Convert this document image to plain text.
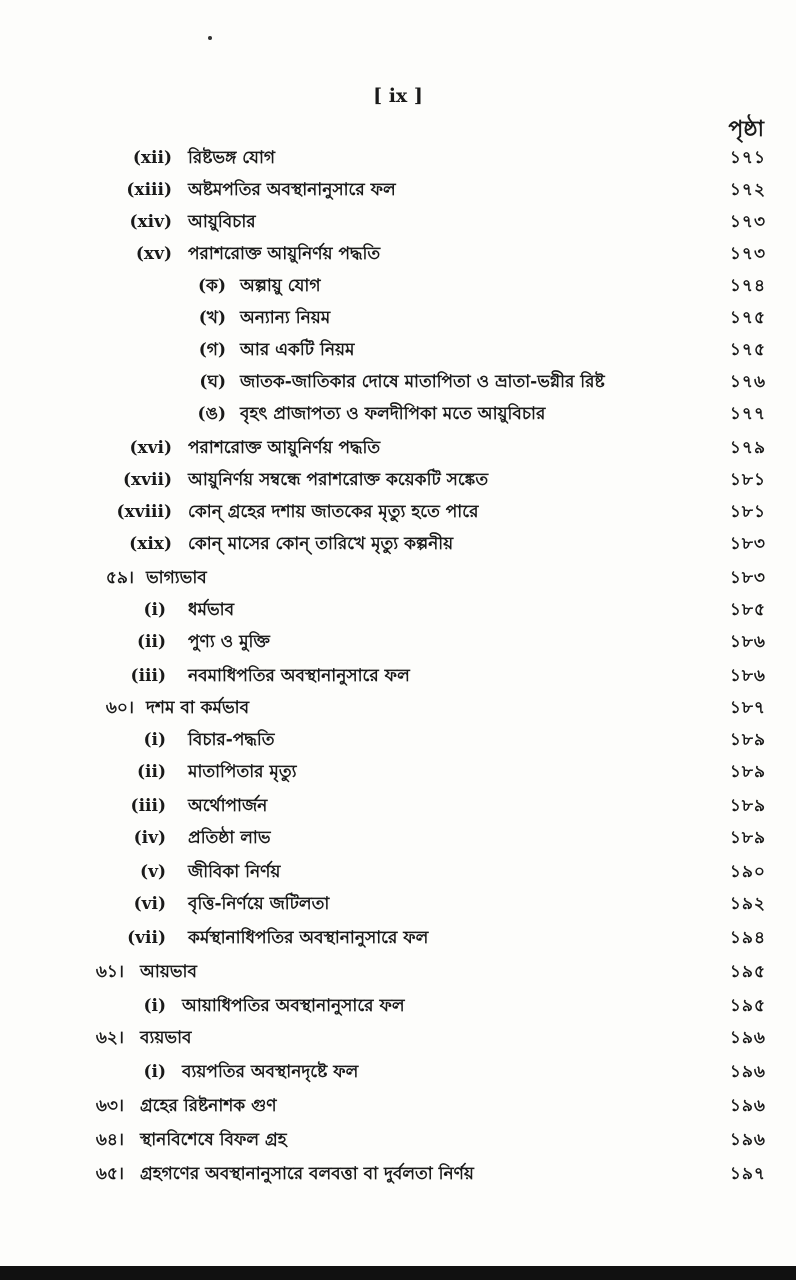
[ ix ]
পৃষ্ঠা
(xii) রিষ্টভঙ্গ যোগ	১৭১
(xiii) অষ্টমপতির অবস্থানানুসারে ফল	১৭২
(xiv) আয়ুবিচার	১৭৩
(xv) পরাশরোক্ত আয়ুনির্ণয় পদ্ধতি	১৭৩
(ক) অল্পায়ু যোগ	১৭৪
(খ) অন্যান্য নিয়ম	১৭৫
(গ) আর একটি নিয়ম	১৭৫
(ঘ) জাতক-জাতিকার দোষে মাতাপিতা ও ভ্রাতা-ভগ্নীর রিষ্ট	১৭৬
(ঙ) বৃহৎ প্রাজাপত্য ও ফলদীপিকা মতে আয়ুবিচার	১৭৭
(xvi) পরাশরোক্ত আয়ুনির্ণয় পদ্ধতি	১৭৯
(xvii) আয়ুনির্ণয় সম্বন্ধে পরাশরোক্ত কয়েকটি সঙ্কেত	১৮১
(xviii) কোন্ গ্রহের দশায় জাতকের মৃত্যু হতে পারে	১৮১
(xix) কোন্ মাসের কোন্ তারিখে মৃত্যু কল্পনীয়	১৮৩
৫৯। ভাগ্যভাব	১৮৩
(i) ধর্মভাব	১৮৫
(ii) পুণ্য ও মুক্তি	১৮৬
(iii) নবমাধিপতির অবস্থানানুসারে ফল	১৮৬
৬০। দশম বা কর্মভাব	১৮৭
(i) বিচার-পদ্ধতি	১৮৯
(ii) মাতাপিতার মৃত্যু	১৮৯
(iii) অর্থোপার্জন	১৮৯
(iv) প্রতিষ্ঠা লাভ	১৮৯
(v) জীবিকা নির্ণয়	১৯০
(vi) বৃত্তি-নির্ণয়ে জটিলতা	১৯২
(vii) কর্মস্থানাধিপতির অবস্থানানুসারে ফল	১৯৪
৬১। আয়ভাব	১৯৫
(i) আয়াধিপতির অবস্থানানুসারে ফল	১৯৫
৬২। ব্যয়ভাব	১৯৬
(i) ব্যয়পতির অবস্থানদৃষ্টে ফল	১৯৬
৬৩। গ্রহের রিষ্টনাশক গুণ	১৯৬
৬৪। স্থানবিশেষে বিফল গ্রহ	১৯৬
৬৫। গ্রহগণের অবস্থানানুসারে বলবত্তা বা দুর্বলতা নির্ণয়	১৯৭
